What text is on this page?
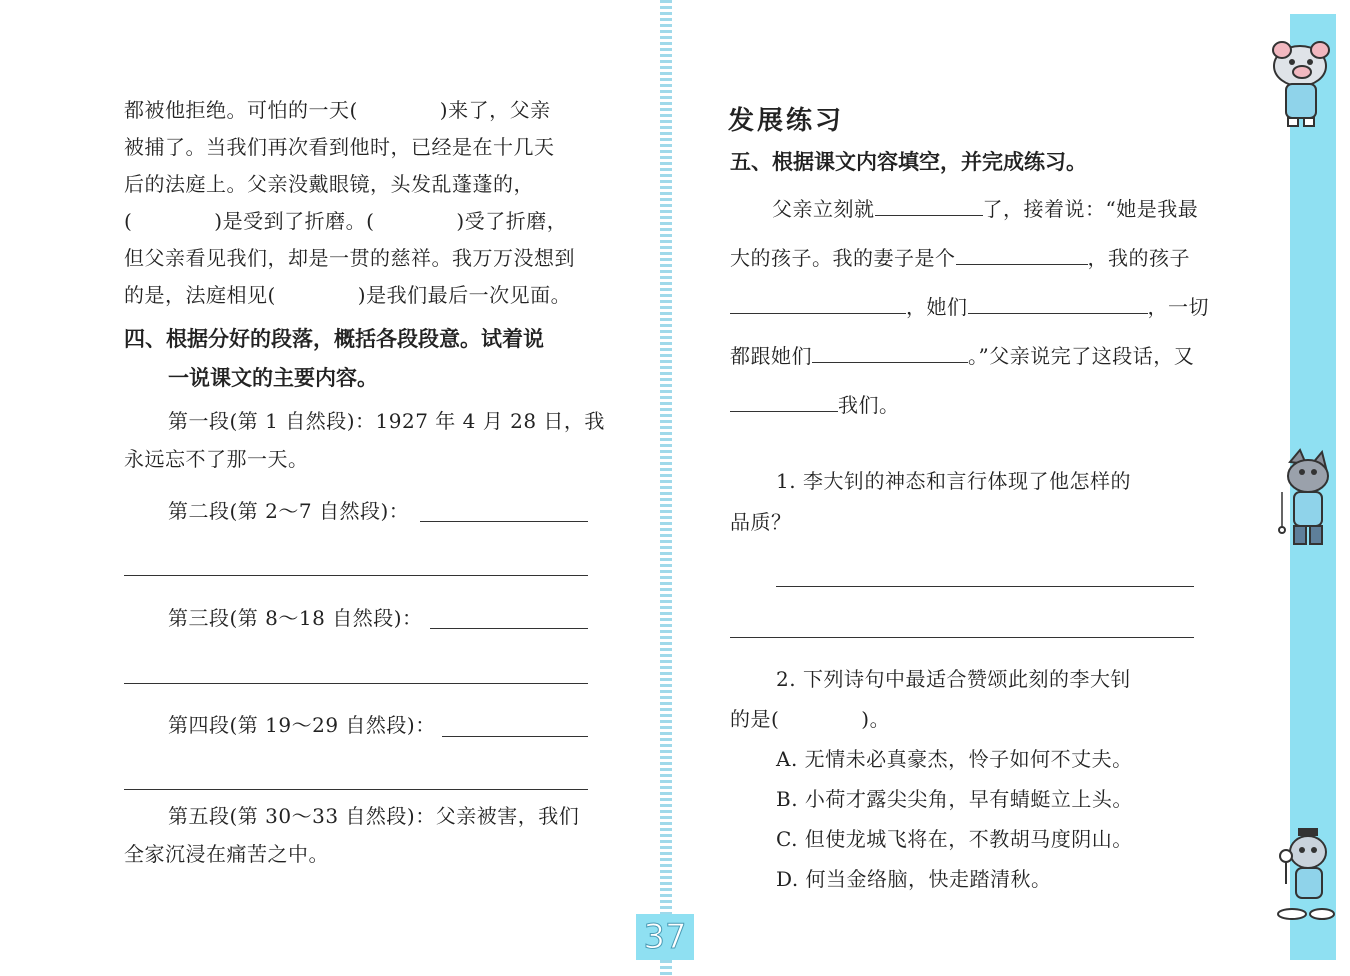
都被他拒绝。可怕的一天(　　　　)来了，父亲
被捕了。当我们再次看到他时，已经是在十几天
后的法庭上。父亲没戴眼镜，头发乱蓬蓬的，
(　　　　)是受到了折磨。(　　　　)受了折磨，
但父亲看见我们，却是一贯的慈祥。我万万没想到
的是，法庭相见(　　　　)是我们最后一次见面。
四、根据分好的段落，概括各段段意。试着说
一说课文的主要内容。
第一段(第 1 自然段)：1927 年 4 月 28 日，我
永远忘不了那一天。
第二段(第 2～7 自然段)：
第三段(第 8～18 自然段)：
第四段(第 19～29 自然段)：
第五段(第 30～33 自然段)：父亲被害，我们
全家沉浸在痛苦之中。
发展练习
五、根据课文内容填空，并完成练习。
父亲立刻就	了，接着说：“她是我最
大的孩子。我的妻子是个	，我的孩子
，她们	，一切
都跟她们	。”父亲说完了这段话，又
我们。
1. 李大钊的神态和言行体现了他怎样的
品质？
2. 下列诗句中最适合赞颂此刻的李大钊
的是(　　　　)。
A. 无情未必真豪杰，怜子如何不丈夫。
B. 小荷才露尖尖角，早有蜻蜓立上头。
C. 但使龙城飞将在，不教胡马度阴山。
D. 何当金络脑，快走踏清秋。
37
